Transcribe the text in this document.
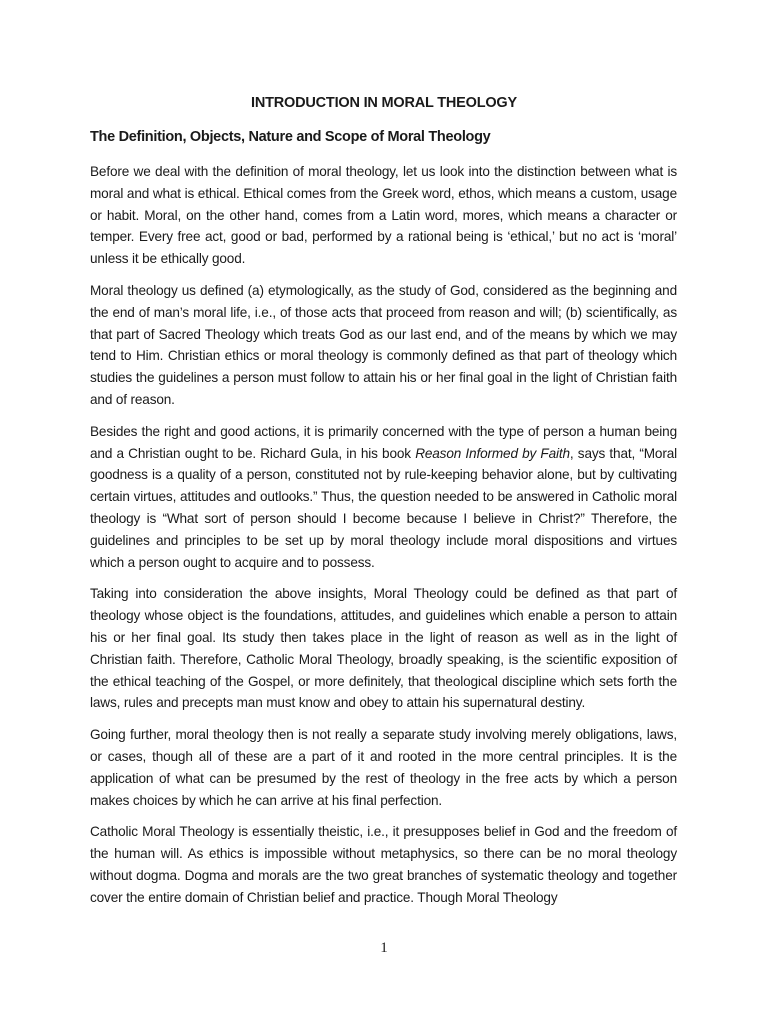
INTRODUCTION IN MORAL THEOLOGY
The Definition, Objects, Nature and Scope of Moral Theology

Before we deal with the definition of moral theology, let us look into the distinction between what is moral and what is ethical. Ethical comes from the Greek word, ethos, which means a custom, usage or habit. Moral, on the other hand, comes from a Latin word, mores, which means a character or temper. Every free act, good or bad, performed by a rational being is ‘ethical,’ but no act is ‘moral’ unless it be ethically good.

Moral theology us defined (a) etymologically, as the study of God, considered as the beginning and the end of man’s moral life, i.e., of those acts that proceed from reason and will; (b) scientifically, as that part of Sacred Theology which treats God as our last end, and of the means by which we may tend to Him. Christian ethics or moral theology is commonly defined as that part of theology which studies the guidelines a person must follow to attain his or her final goal in the light of Christian faith and of reason.

Besides the right and good actions, it is primarily concerned with the type of person a human being and a Christian ought to be. Richard Gula, in his book Reason Informed by Faith, says that, “Moral goodness is a quality of a person, constituted not by rule-keeping behavior alone, but by cultivating certain virtues, attitudes and outlooks.” Thus, the question needed to be answered in Catholic moral theology is “What sort of person should I become because I believe in Christ?” Therefore, the guidelines and principles to be set up by moral theology include moral dispositions and virtues which a person ought to acquire and to possess.

Taking into consideration the above insights, Moral Theology could be defined as that part of theology whose object is the foundations, attitudes, and guidelines which enable a person to attain his or her final goal. Its study then takes place in the light of reason as well as in the light of Christian faith. Therefore, Catholic Moral Theology, broadly speaking, is the scientific exposition of the ethical teaching of the Gospel, or more definitely, that theological discipline which sets forth the laws, rules and precepts man must know and obey to attain his supernatural destiny.

Going further, moral theology then is not really a separate study involving merely obligations, laws, or cases, though all of these are a part of it and rooted in the more central principles. It is the application of what can be presumed by the rest of theology in the free acts by which a person makes choices by which he can arrive at his final perfection.

Catholic Moral Theology is essentially theistic, i.e., it presupposes belief in God and the freedom of the human will. As ethics is impossible without metaphysics, so there can be no moral theology without dogma. Dogma and morals are the two great branches of systematic theology and together cover the entire domain of Christian belief and practice. Though Moral Theology

1
